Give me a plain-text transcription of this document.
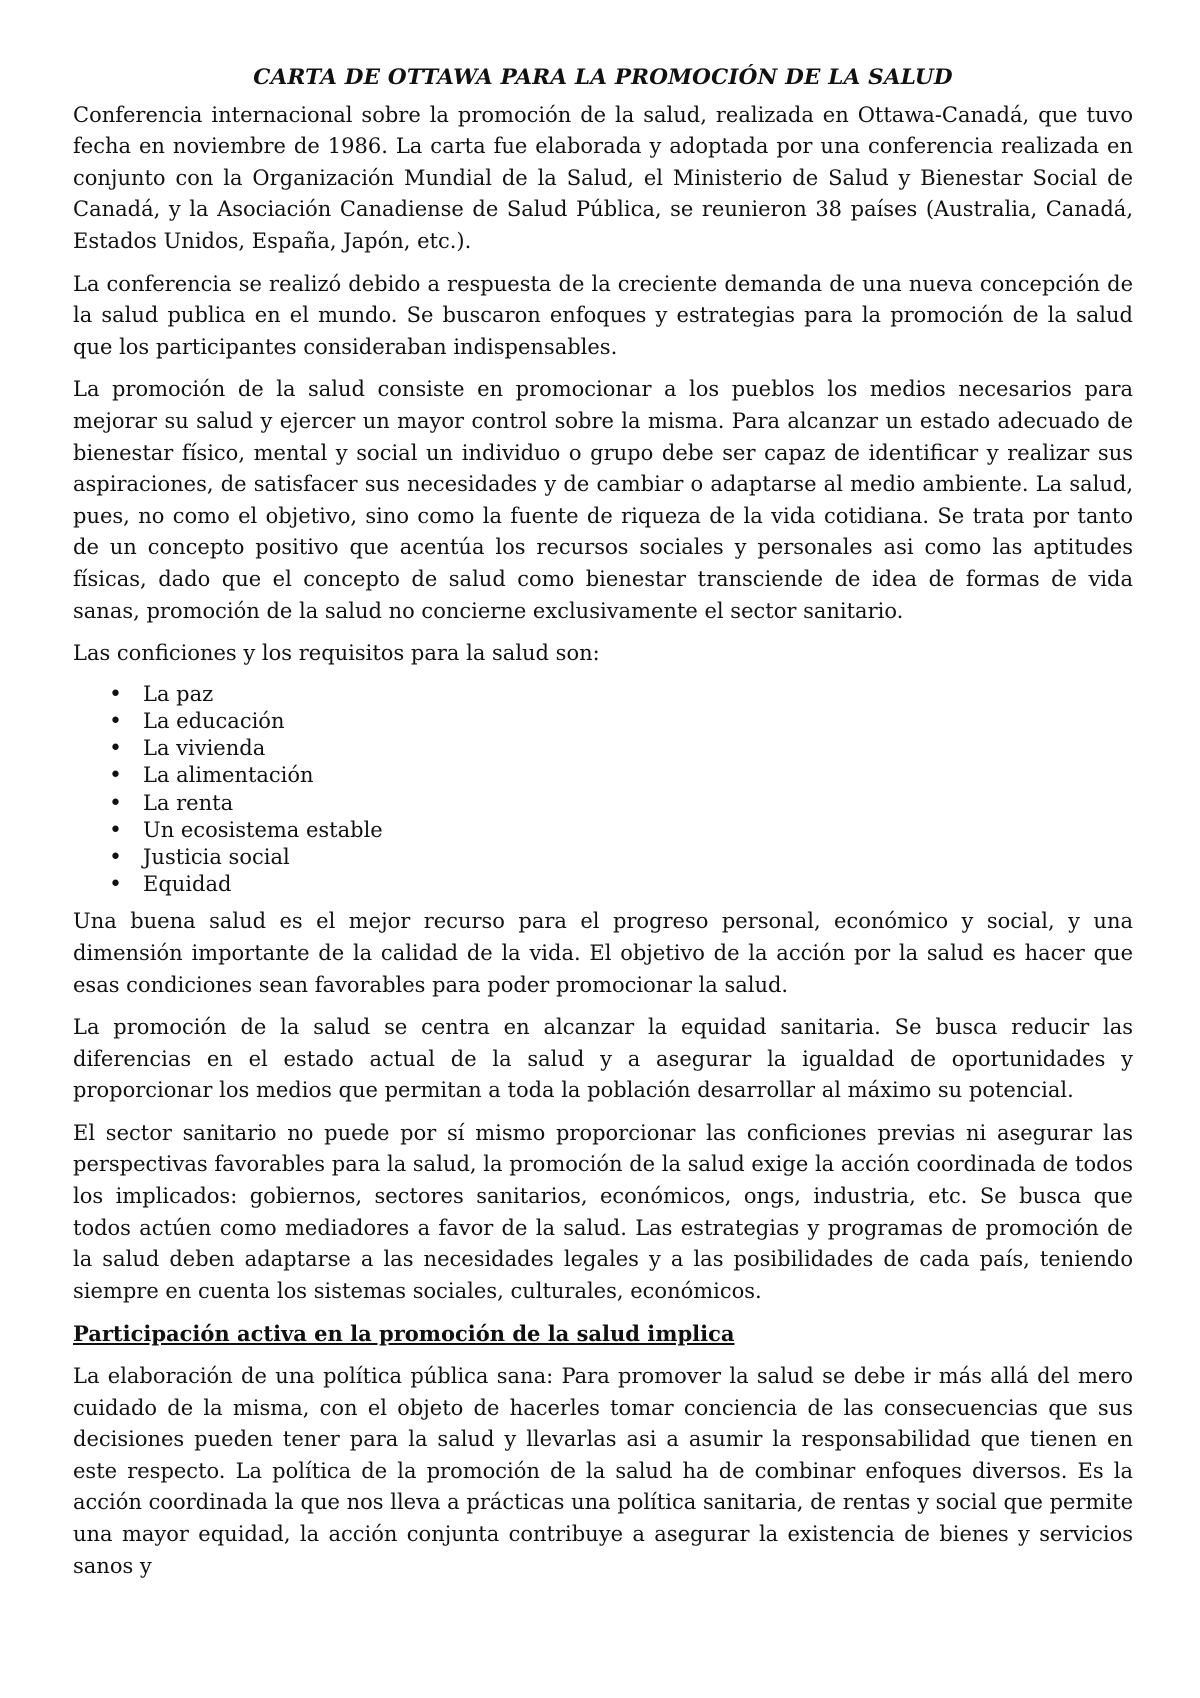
CARTA DE OTTAWA PARA LA PROMOCIÓN DE LA SALUD

Conferencia internacional sobre la promoción de la salud, realizada en Ottawa-Canadá, que tuvo fecha en noviembre de 1986. La carta fue elaborada y adoptada por una conferencia realizada en conjunto con la Organización Mundial de la Salud, el Ministerio de Salud y Bienestar Social de Canadá, y la Asociación Canadiense de Salud Pública, se reunieron 38 países (Australia, Canadá, Estados Unidos, España, Japón, etc.).

La conferencia se realizó debido a respuesta de la creciente demanda de una nueva concepción de la salud publica en el mundo. Se buscaron enfoques y estrategias para la promoción de la salud que los participantes consideraban indispensables.

La promoción de la salud consiste en promocionar a los pueblos los medios necesarios para mejorar su salud y ejercer un mayor control sobre la misma. Para alcanzar un estado adecuado de bienestar físico, mental y social un individuo o grupo debe ser capaz de identificar y realizar sus aspiraciones, de satisfacer sus necesidades y de cambiar o adaptarse al medio ambiente. La salud, pues, no como el objetivo, sino como la fuente de riqueza de la vida cotidiana. Se trata por tanto de un concepto positivo que acentúa los recursos sociales y personales asi como las aptitudes físicas, dado que el concepto de salud como bienestar transciende de idea de formas de vida sanas, promoción de la salud no concierne exclusivamente el sector sanitario.

Las conficiones y los requisitos para la salud son:

• La paz
• La educación
• La vivienda
• La alimentación
• La renta
• Un ecosistema estable
• Justicia social
• Equidad

Una buena salud es el mejor recurso para el progreso personal, económico y social, y una dimensión importante de la calidad de la vida. El objetivo de la acción por la salud es hacer que esas condiciones sean favorables para poder promocionar la salud.

La promoción de la salud se centra en alcanzar la equidad sanitaria. Se busca reducir las diferencias en el estado actual de la salud y a asegurar la igualdad de oportunidades y proporcionar los medios que permitan a toda la población desarrollar al máximo su potencial.

El sector sanitario no puede por sí mismo proporcionar las conficiones previas ni asegurar las perspectivas favorables para la salud, la promoción de la salud exige la acción coordinada de todos los implicados: gobiernos, sectores sanitarios, económicos, ongs, industria, etc. Se busca que todos actúen como mediadores a favor de la salud. Las estrategias y programas de promoción de la salud deben adaptarse a las necesidades legales y a las posibilidades de cada país, teniendo siempre en cuenta los sistemas sociales, culturales, económicos.

Participación activa en la promoción de la salud implica

La elaboración de una política pública sana: Para promover la salud se debe ir más allá del mero cuidado de la misma, con el objeto de hacerles tomar conciencia de las consecuencias que sus decisiones pueden tener para la salud y llevarlas asi a asumir la responsabilidad que tienen en este respecto. La política de la promoción de la salud ha de combinar enfoques diversos. Es la acción coordinada la que nos lleva a prácticas una política sanitaria, de rentas y social que permite una mayor equidad, la acción conjunta contribuye a asegurar la existencia de bienes y servicios sanos y
